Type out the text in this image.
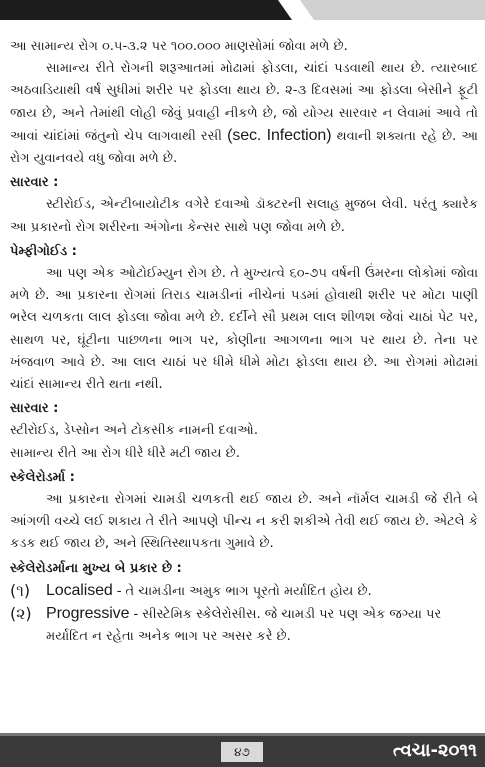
આ સામાન્ય રોગ ૦.૫-૩.૨ પર ૧૦૦.૦૦૦ માણસોમાં જોવા મળે છે.

સામાન્ય રીતે રોગની શરૂઆતમાં મોઢામાં ફોડલા, ચાંદાં પડવાથી થાય છે. ત્યારબાદ અઠવાડિયાથી વર્ષ સુધીમાં શરીર પર ફોડલા થાય છે. ૨-૩ દિવસમાં આ ફોડલા બેસીને ફૂટી જાય છે, અને તેમાંથી લોહી જેવું પ્રવાહી નીકળે છે, જો યોગ્ય સારવાર ન લેવામાં આવે તો આવાં ચાંદાંમાં જંતુનો ચેપ લાગવાથી રસી (sec. Infection) થવાની શક્યતા રહે છે. આ રોગ યુવાનવયે વધુ જોવા મળે છે.

સારવાર :

સ્ટીરોઈડ, એન્ટીબાયોટીક વગેરે દવાઓ ડૉક્ટરની સલાહ મુજબ લેવી. પરંતુ ક્યારેક આ પ્રકારનો રોગ શરીરના અંગોના કેન્સર સાથે પણ જોવા મળે છે.

પેમ્ફીગોઈડ :

આ પણ એક ઓટોઈમ્યુન રોગ છે. તે મુખ્યત્વે ૬૦-૭૫ વર્ષની ઉંમરના લોકોમાં જોવા મળે છે. આ પ્રકારના રોગમાં તિરાડ ચામડીનાં નીચેનાં પડમાં હોવાથી શરીર પર મોટા પાણી ભરેલ ચળકતા લાલ ફોડલા જોવા મળે છે. દર્દીને સૌ પ્રથમ લાલ શીળશ જેવાં ચાઠાં પેટ પર, સાથળ પર, ઘૂંટીના પાછળના ભાગ પર, કોણીના આગળના ભાગ પર થાય છે. તેના પર ખંજવાળ આવે છે. આ લાલ ચાઠાં પર ધીમે ધીમે મોટા ફોડલા થાય છે. આ રોગમાં મોઢામાં ચાંદાં સામાન્ય રીતે થતા નથી.

સારવાર :

સ્ટીરોઈડ, ડેપ્સોન અને ટોકસીક નામની દવાઓ.

સામાન્ય રીતે આ રોગ ધીરે ધીરે મટી જાય છે.

સ્કેલેરોડર્મા :

આ પ્રકારના રોગમાં ચામડી ચળકતી થઈ જાય છે. અને નૉર્મલ ચામડી જે રીતે બે આંગળી વચ્ચે લઈ શકાય તે રીતે આપણે પીન્ચ ન કરી શકીએ તેવી થઈ જાય છે. એટલે કે કડક થઈ જાય છે, અને સ્થિતિસ્થાપકતા ગુમાવે છે.

સ્કેલેરોડર્માના મુખ્ય બે પ્રકાર છે :

(૧) Localised - તે ચામડીના અમુક ભાગ પૂરતો મર્યાદિત હોય છે.
(૨) Progressive - સીસ્ટેમિક સ્કેલેરોસીસ. જે ચામડી પર પણ એક જગ્યા પર મર્યાદિત ન રહેતા અનેક ભાગ પર અસર કરે છે.
૪૭	ત્વચા-૨૦૧૧
